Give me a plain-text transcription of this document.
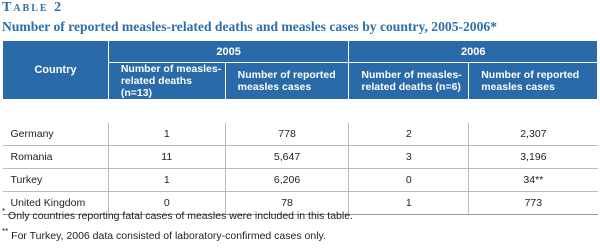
Table 2
Number of reported measles-related deaths and measles cases by country, 2005-2006*
Country	2005		2006	
	Number of measles-related deaths (n=13)	Number of reported measles cases	Number of measles-related deaths (n=6)	Number of reported measles cases

Germany	1	778	2	2,307
Romania	11	5,647	3	3,196
Turkey	1	6,206	0	34**
United Kingdom	0	78	1	773
* Only countries reporting fatal cases of measles were included in this table.
** For Turkey, 2006 data consisted of laboratory-confirmed cases only.
